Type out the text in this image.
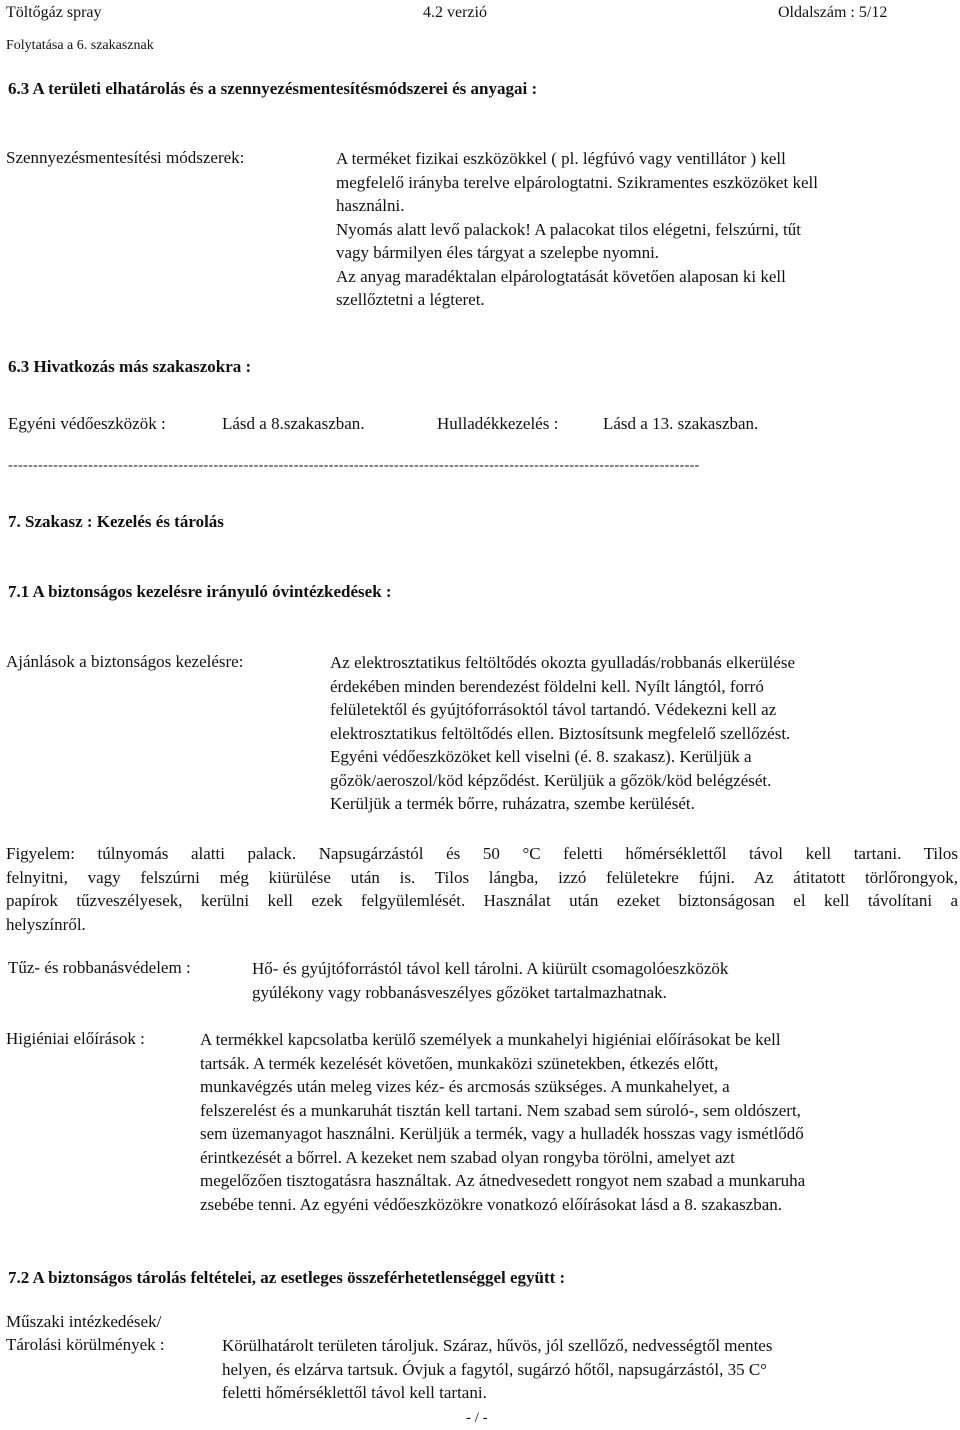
Töltőgáz spray	4.2 verzió	Oldalszám : 5/12
Folytatása a 6. szakasznak
6.3 A területi elhatárolás és a szennyezésmentesítésmódszerei és anyagai :
Szennyezésmentesítési módszerek:	A terméket fizikai eszközökkel ( pl. légfúvó vagy ventillátor ) kell
megfelelő irányba terelve elpárologtatni. Szikramentes eszközöket kell
használni.
Nyomás alatt levő palackok! A palacokat tilos elégetni, felszúrni, tűt
vagy bármilyen éles tárgyat a szelepbe nyomni.
Az anyag maradéktalan elpárologtatását követően alaposan ki kell
szellőztetni a légteret.
6.3 Hivatkozás más szakaszokra :
Egyéni védőeszközök :	Lásd a 8.szakaszban.	Hulladékkezelés :	Lásd a 13. szakaszban.
------------------------------------------------------------------------------------------------------------------------------------------
7. Szakasz : Kezelés és tárolás
7.1 A biztonságos kezelésre irányuló óvintézkedések :
Ajánlások a biztonságos kezelésre:	Az elektrosztatikus feltöltődés okozta gyulladás/robbanás elkerülése
érdekében minden berendezést földelni kell. Nyílt lángtól, forró
felületektől és gyújtóforrásoktól távol tartandó. Védekezni kell az
elektrosztatikus feltöltődés ellen. Biztosítsunk megfelelő szellőzést.
Egyéni védőeszközöket kell viselni (é. 8. szakasz). Kerüljük a
gőzök/aeroszol/köd képződést. Kerüljük a gőzök/köd belégzését.
Kerüljük a termék bőrre, ruházatra, szembe kerülését.
Figyelem: túlnyomás alatti palack. Napsugárzástól és 50 °C feletti hőmérséklettől távol kell tartani. Tilos
felnyitni, vagy felszúrni még kiürülése után is. Tilos lángba, izzó felületekre fújni. Az átitatott törlőrongyok,
papírok tűzveszélyesek, kerülni kell ezek felgyülemlését. Használat után ezeket biztonságosan el kell távolítani a
helyszínről.
Tűz- és robbanásvédelem :	Hő- és gyújtóforrástól távol kell tárolni. A kiürült csomagolóeszközök
gyúlékony vagy robbanásveszélyes gőzöket tartalmazhatnak.
Higiéniai előírások :	A termékkel kapcsolatba kerülő személyek a munkahelyi higiéniai előírásokat be kell
tartsák. A termék kezelését követően, munkaközi szünetekben, étkezés előtt,
munkavégzés után meleg vizes kéz- és arcmosás szükséges. A munkahelyet, a
felszerelést és a munkaruhát tisztán kell tartani. Nem szabad sem súroló-, sem oldószert,
sem üzemanyagot használni. Kerüljük a termék, vagy a hulladék hosszas vagy ismétlődő
érintkezését a bőrrel. A kezeket nem szabad olyan rongyba törölni, amelyet azt
megelőzően tisztogatásra használtak. Az átnedvesedett rongyot nem szabad a munkaruha
zsebébe tenni. Az egyéni védőeszközökre vonatkozó előírásokat lásd a 8. szakaszban.
7.2 A biztonságos tárolás feltételei, az esetleges összeférhetetlenséggel együtt :
Műszaki intézkedések/
Tárolási körülmények :	Körülhatárolt területen tároljuk. Száraz, hűvös, jól szellőző, nedvességtől mentes
helyen, és elzárva tartsuk. Óvjuk a fagytól, sugárzó hőtől, napsugárzástól, 35 C°
feletti hőmérséklettől távol kell tartani.
- / -
